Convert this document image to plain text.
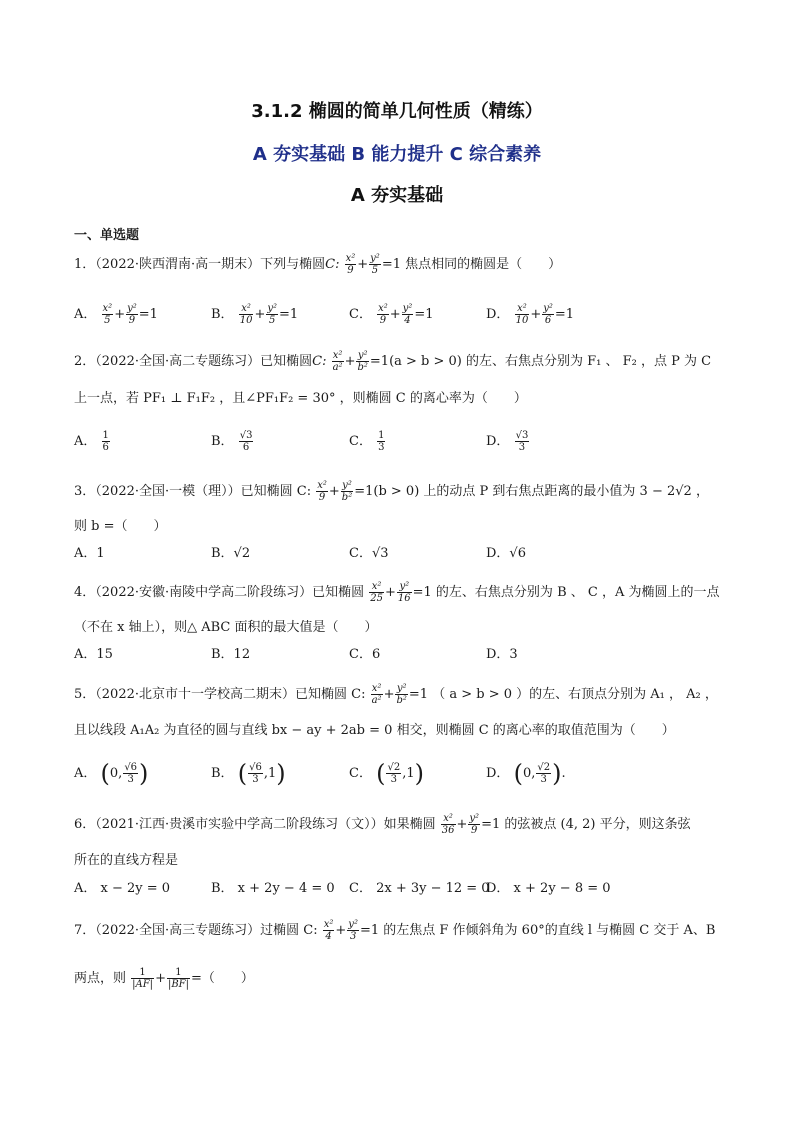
3.1.2 椭圆的简单几何性质（精练）
A 夯实基础 B 能力提升 C 综合素养
A 夯实基础
一、单选题
1．（2022·陕西渭南·高一期末）下列与椭圆C: $\frac{\text{x²}}{9} + \frac{\text{y²}}{5} =1$ 焦点相同的椭圆是（　　）
A． $\frac{\text{x²}}{5} + \frac{\text{y²}}{9} =1$	B． $\frac{\text{x²}}{10} + \frac{\text{y²}}{5} =1$	C． $\frac{\text{x²}}{9} + \frac{\text{y²}}{4} =1$	D． $\frac{\text{x²}}{10} + \frac{\text{y²}}{6} =1$
2．（2022·全国·高二专题练习）已知椭圆C: $\frac{\text{x²}}{\text{a²}} + \frac{\text{y²}}{\text{b²}} =1(a > b > 0)$ 的左、右焦点分别为 F₁ 、 F₂ ，点 P 为 C
上一点，若 PF₁ ⊥ F₁F₂ ，且∠PF₁F₂ = 30° ，则椭圆 C 的离心率为（　　）
A． $\frac{1}{6}$	B． $\frac{√3}{6}$	C． $\frac{1}{3}$	D． $\frac{√3}{3}$
3．（2022·全国·一模（理））已知椭圆 C: $\frac{\text{x²}}{9} + \frac{\text{y²}}{\text{b²}} =1(b > 0)$ 上的动点 P 到右焦点距离的最小值为 3 − 2√2 ，
则 b =（　　）
A．1	B．√2	C．√3	D．√6
4．（2022·安徽·南陵中学高二阶段练习）已知椭圆 $\frac{\text{x²}}{25} + \frac{\text{y²}}{16} =1$ 的左、右焦点分别为 B 、 C ，A 为椭圆上的一点
（不在 x 轴上），则△ ABC 面积的最大值是（　　）
A．15	B．12	C．6	D．3
5．（2022·北京市十一学校高二期末）已知椭圆 C: $\frac{\text{x²}}{\text{a²}} + \frac{\text{y²}}{\text{b²}} =1$ （ a > b > 0 ）的左、右顶点分别为 A₁ ， A₂ ，
且以线段 A₁A₂ 为直径的圆与直线 bx − ay + 2ab = 0 相交，则椭圆 C 的离心率的取值范围为（　　）
A． (0, $\frac{√6}{3}$ )	B． ( $\frac{√6}{3} ,1$)	C． ( $\frac{√2}{3} ,1$)	D． (0, $\frac{√2}{3}$ ).
6．（2021·江西·贵溪市实验中学高二阶段练习（文））如果椭圆 $\frac{\text{x²}}{36} + \frac{\text{y²}}{9} =1$ 的弦被点 (4, 2) 平分，则这条弦
所在的直线方程是
A． x − 2y = 0	B． x + 2y − 4 = 0 C． 2x + 3y − 12 = 0
D． x + 2y − 8 = 0
7．（2022·全国·高三专题练习）过椭圆 C: $\frac{\text{x²}}{4} + \frac{\text{y²}}{3} =1$ 的左焦点 F 作倾斜角为 60°的直线 l 与椭圆 C 交于 A、B
两点，则 $\frac{1}{|AF|} + \frac{1}{|BF|}$ =（　　）
